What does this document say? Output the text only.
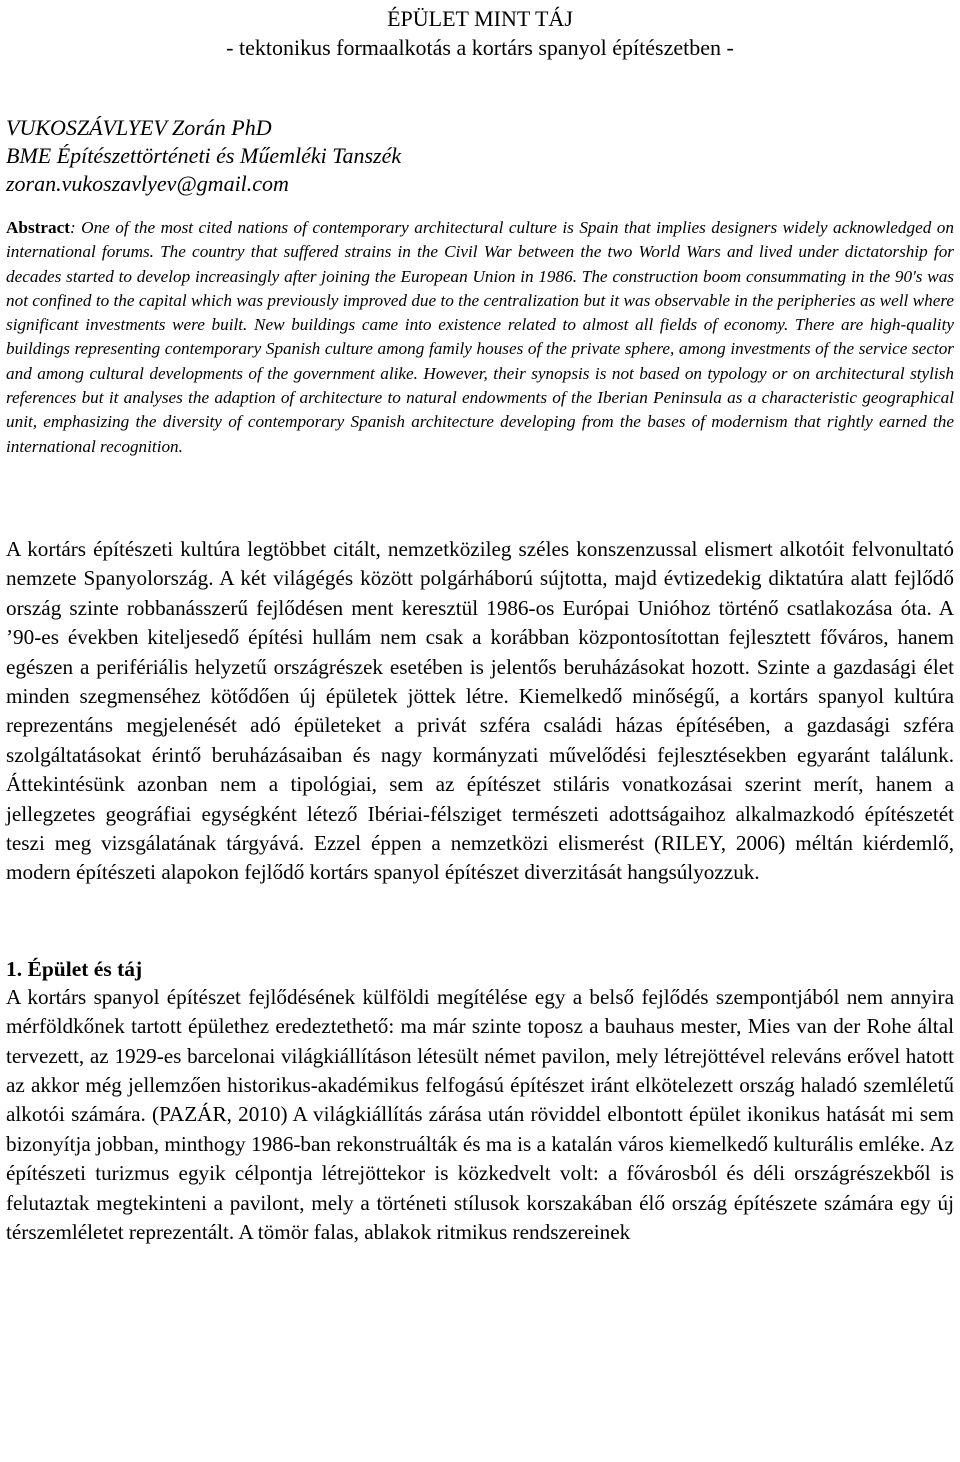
ÉPÜLET MINT TÁJ
- tektonikus formaalkotás a kortárs spanyol építészetben -
VUKOSZÁVLYEV Zorán PhD
BME Építészettörténeti és Műemléki Tanszék
zoran.vukoszavlyev@gmail.com

Abstract: One of the most cited nations of contemporary architectural culture is Spain that implies designers widely acknowledged on international forums. The country that suffered strains in the Civil War between the two World Wars and lived under dictatorship for decades started to develop increasingly after joining the European Union in 1986. The construction boom consummating in the 90's was not confined to the capital which was previously improved due to the centralization but it was observable in the peripheries as well where significant investments were built. New buildings came into existence related to almost all fields of economy. There are high-quality buildings representing contemporary Spanish culture among family houses of the private sphere, among investments of the service sector and among cultural developments of the government alike. However, their synopsis is not based on typology or on architectural stylish references but it analyses the adaption of architecture to natural endowments of the Iberian Peninsula as a characteristic geographical unit, emphasizing the diversity of contemporary Spanish architecture developing from the bases of modernism that rightly earned the international recognition.

A kortárs építészeti kultúra legtöbbet citált, nemzetközileg széles konszenzussal elismert alkotóit felvonultató nemzete Spanyolország. A két világégés között polgárháború sújtotta, majd évtizedekig diktatúra alatt fejlődő ország szinte robbanásszerű fejlődésen ment keresztül 1986-os Európai Unióhoz történő csatlakozása óta. A ’90-es években kiteljesedő építési hullám nem csak a korábban központosítottan fejlesztett főváros, hanem egészen a perifériális helyzetű országrészek esetében is jelentős beruházásokat hozott. Szinte a gazdasági élet minden szegmenséhez kötődően új épületek jöttek létre. Kiemelkedő minőségű, a kortárs spanyol kultúra reprezentáns megjelenését adó épületeket a privát szféra családi házas építésében, a gazdasági szféra szolgáltatásokat érintő beruházásaiban és nagy kormányzati művelődési fejlesztésekben egyaránt találunk. Áttekintésünk azonban nem a tipológiai, sem az építészet stiláris vonatkozásai szerint merít, hanem a jellegzetes geográfiai egységként létező Ibériai-félsziget természeti adottságaihoz alkalmazkodó építészetét teszi meg vizsgálatának tárgyává. Ezzel éppen a nemzetközi elismerést (RILEY, 2006) méltán kiérdemlő, modern építészeti alapokon fejlődő kortárs spanyol építészet diverzitását hangsúlyozzuk.

1. Épület és táj

A kortárs spanyol építészet fejlődésének külföldi megítélése egy a belső fejlődés szempontjából nem annyira mérföldkőnek tartott épülethez eredeztethető: ma már szinte toposz a bauhaus mester, Mies van der Rohe által tervezett, az 1929-es barcelonai világkiállításon létesült német pavilon, mely létrejöttével releváns erővel hatott az akkor még jellemzően historikus-akadémikus felfogású építészet iránt elkötelezett ország haladó szemléletű alkotói számára. (PAZÁR, 2010) A világkiállítás zárása után röviddel elbontott épület ikonikus hatását mi sem bizonyítja jobban, minthogy 1986-ban rekonstruálták és ma is a katalán város kiemelkedő kulturális emléke. Az építészeti turizmus egyik célpontja létrejöttekor is közkedvelt volt: a fővárosból és déli országrészekből is felutaztak megtekinteni a pavilont, mely a történeti stílusok korszakában élő ország építészete számára egy új térszemléletet reprezentált. A tömör falas, ablakok ritmikus rendszereinek
